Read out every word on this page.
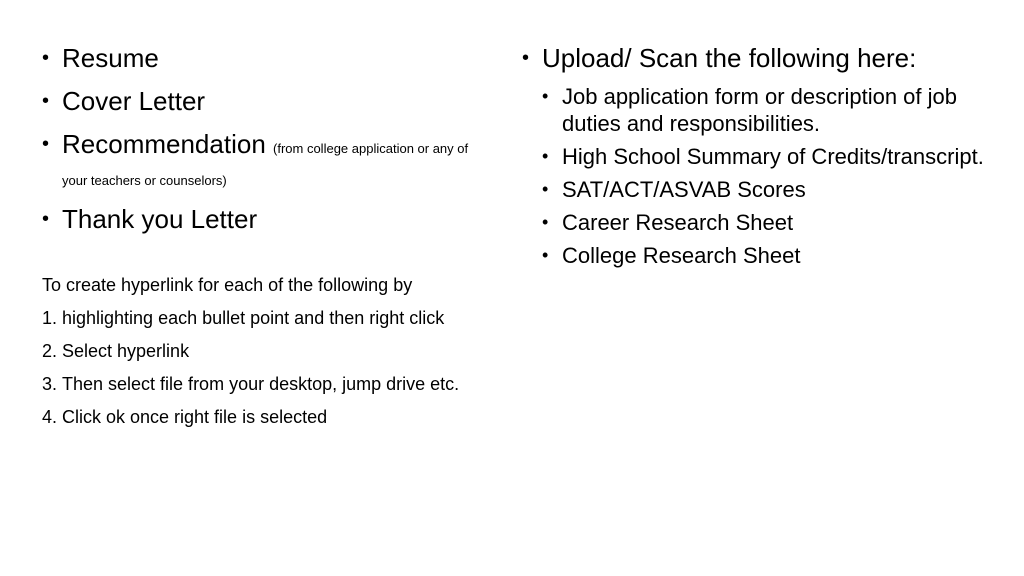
• Resume
• Cover Letter
• Recommendation (from college application or any of your teachers or counselors)
• Thank you Letter

To create hyperlink for each of the following by

1. highlighting each bullet point and then right click
2. Select hyperlink
3. Then select file from your desktop, jump drive etc.
4. Click ok once right file is selected
• Upload/ Scan the following here:
• Job application form or description of job duties and responsibilities.
• High School Summary of Credits/transcript.
• SAT/ACT/ASVAB Scores
• Career Research Sheet
• College Research Sheet
